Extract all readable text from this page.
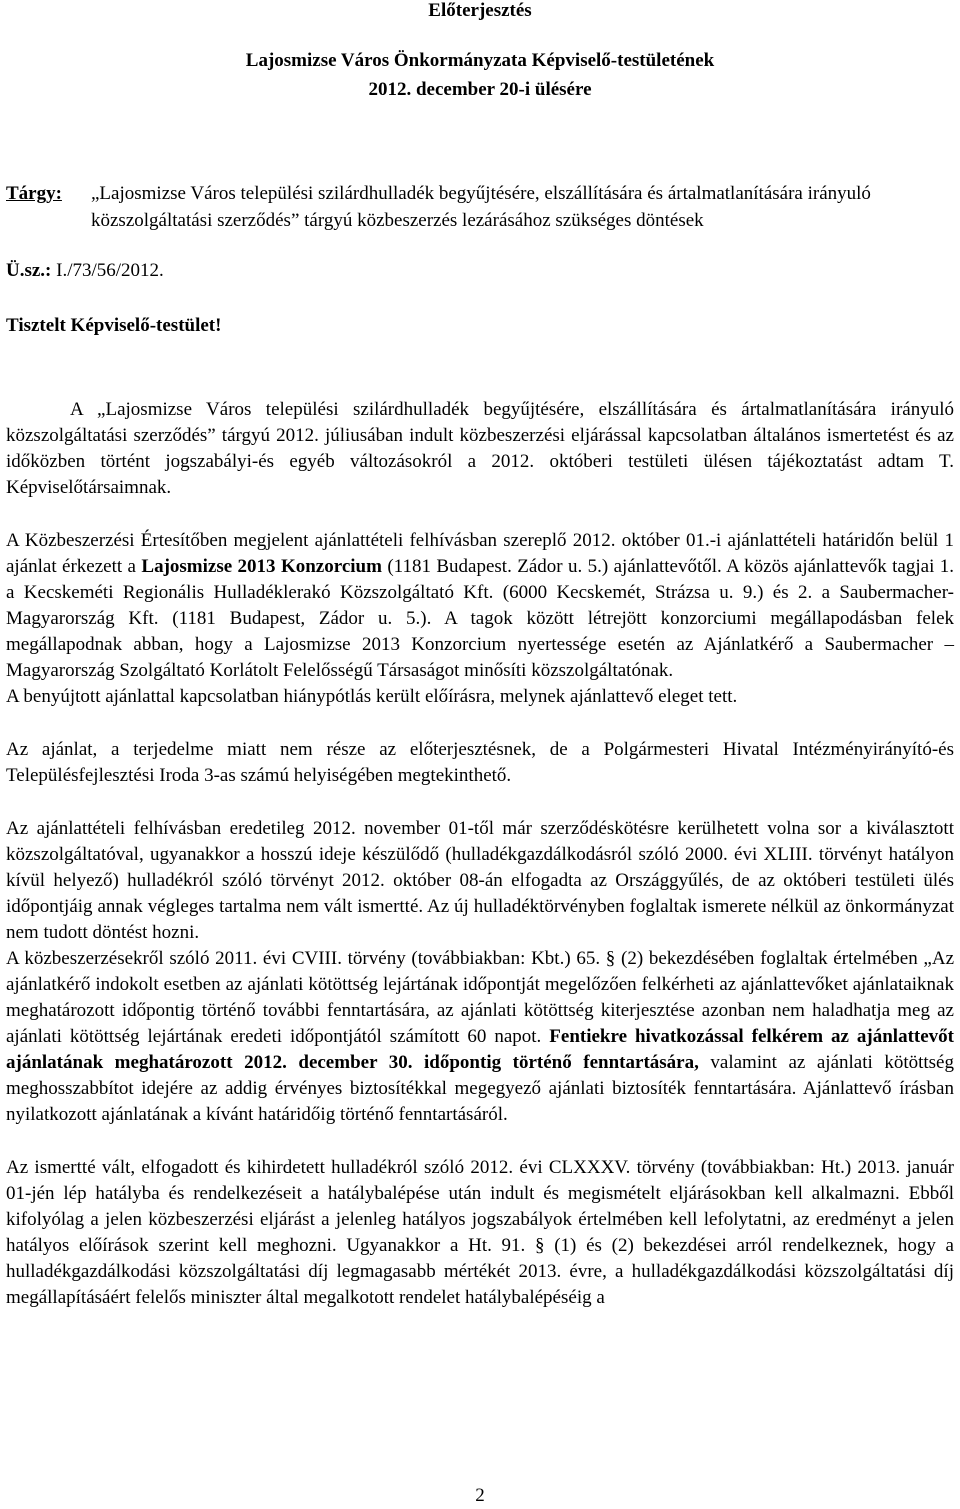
Előterjesztés
Lajosmizse Város Önkormányzata Képviselő-testületének
2012. december 20-i ülésére
Tárgy:	„Lajosmizse Város települési szilárdhulladék begyűjtésére, elszállítására és ártalmatlanítására irányuló közszolgáltatási szerződés” tárgyú közbeszerzés lezárásához szükséges döntések
Ü.sz.: I./73/56/2012.
Tisztelt Képviselő-testület!

A „Lajosmizse Város települési szilárdhulladék begyűjtésére, elszállítására és ártalmatlanítására irányuló közszolgáltatási szerződés” tárgyú 2012. júliusában indult közbeszerzési eljárással kapcsolatban általános ismertetést és az időközben történt jogszabályi-és egyéb változásokról a 2012. októberi testületi ülésen tájékoztatást adtam T. Képviselőtársaimnak.

A Közbeszerzési Értesítőben megjelent ajánlattételi felhívásban szereplő 2012. október 01.-i ajánlattételi határidőn belül 1 ajánlat érkezett a Lajosmizse 2013 Konzorcium (1181 Budapest. Zádor u. 5.) ajánlattevőtől. A közös ajánlattevők tagjai 1. a Kecskeméti Regionális Hulladéklerakó Közszolgáltató Kft. (6000 Kecskemét, Strázsa u. 9.) és 2. a Saubermacher- Magyarország Kft. (1181 Budapest, Zádor u. 5.). A tagok között létrejött konzorciumi megállapodásban felek megállapodnak abban, hogy a Lajosmizse 2013 Konzorcium nyertessége esetén az Ajánlatkérő a Saubermacher – Magyarország Szolgáltató Korlátolt Felelősségű Társaságot minősíti közszolgáltatónak.

A benyújtott ajánlattal kapcsolatban hiánypótlás került előírásra, melynek ajánlattevő eleget tett.

Az ajánlat, a terjedelme miatt nem része az előterjesztésnek, de a Polgármesteri Hivatal Intézményirányító-és Településfejlesztési Iroda 3-as számú helyiségében megtekinthető.

Az ajánlattételi felhívásban eredetileg 2012. november 01-től már szerződéskötésre kerülhetett volna sor a kiválasztott közszolgáltatóval, ugyanakkor a hosszú ideje készülődő (hulladékgazdálkodásról szóló 2000. évi XLIII. törvényt hatályon kívül helyező) hulladékról szóló törvényt 2012. október 08-án elfogadta az Országgyűlés, de az októberi testületi ülés időpontjáig annak végleges tartalma nem vált ismertté. Az új hulladéktörvényben foglaltak ismerete nélkül az önkormányzat nem tudott döntést hozni.

A közbeszerzésekről szóló 2011. évi CVIII. törvény (továbbiakban: Kbt.) 65. § (2) bekezdésében foglaltak értelmében „Az ajánlatkérő indokolt esetben az ajánlati kötöttség lejártának időpontját megelőzően felkérheti az ajánlattevőket ajánlataiknak meghatározott időpontig történő további fenntartására, az ajánlati kötöttség kiterjesztése azonban nem haladhatja meg az ajánlati kötöttség lejártának eredeti időpontjától számított 60 napot. Fentiekre hivatkozással felkérem az ajánlattevőt ajánlatának meghatározott 2012. december 30. időpontig történő fenntartására, valamint az ajánlati kötöttség meghosszabbítot idejére az addig érvényes biztosítékkal megegyező ajánlati biztosíték fenntartására. Ajánlattevő írásban nyilatkozott ajánlatának a kívánt határidőig történő fenntartásáról.

Az ismertté vált, elfogadott és kihirdetett hulladékról szóló 2012. évi CLXXXV. törvény (továbbiakban: Ht.) 2013. január 01-jén lép hatályba és rendelkezéseit a hatálybalépése után indult és megismételt eljárásokban kell alkalmazni. Ebből kifolyólag a jelen közbeszerzési eljárást a jelenleg hatályos jogszabályok értelmében kell lefolytatni, az eredményt a jelen hatályos előírások szerint kell meghozni. Ugyanakkor a Ht. 91. § (1) és (2) bekezdései arról rendelkeznek, hogy a hulladékgazdálkodási közszolgáltatási díj legmagasabb mértékét 2013. évre, a hulladékgazdálkodási közszolgáltatási díj megállapításáért felelős miniszter által megalkotott rendelet hatálybalépéséig a

2
